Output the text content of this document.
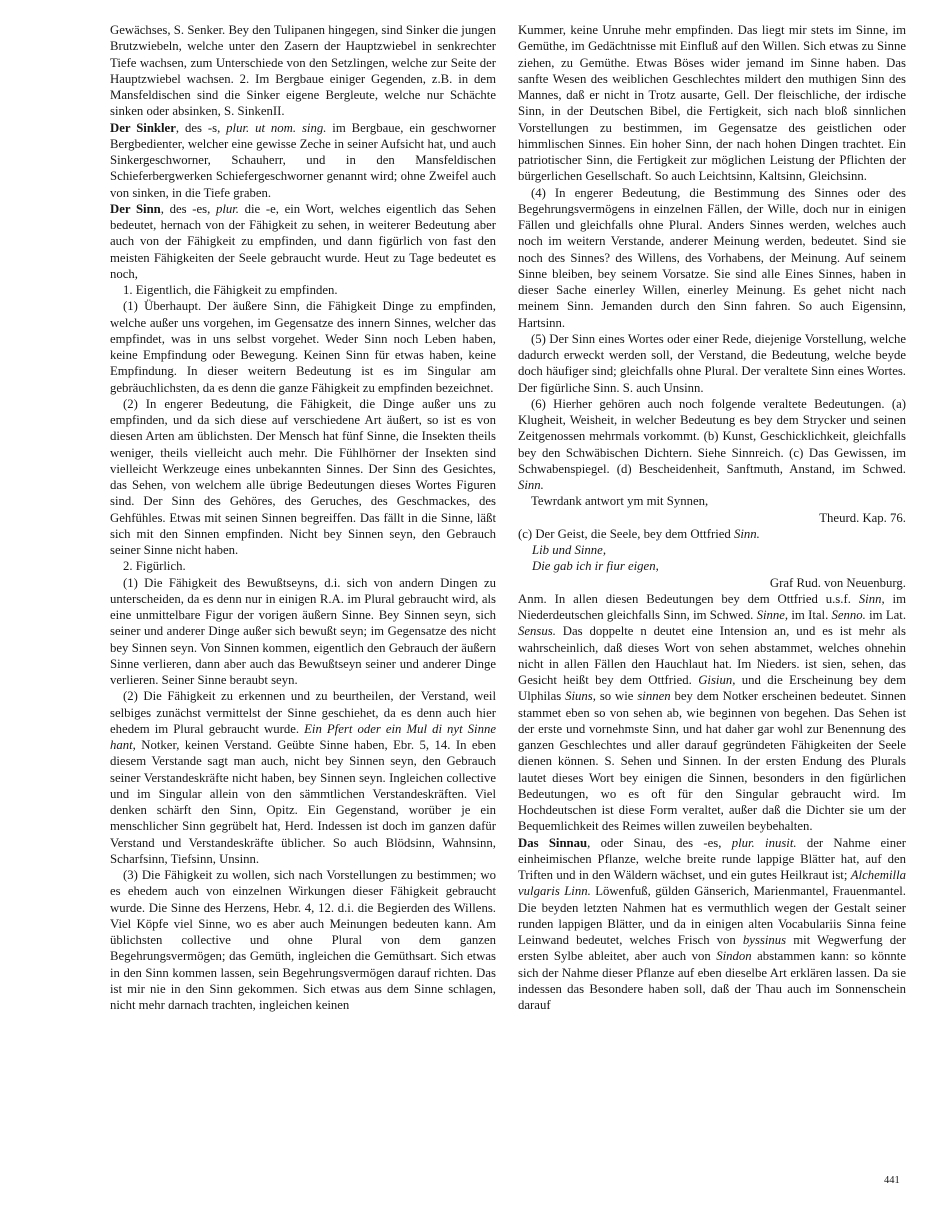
Gewächses, S. Senker. Bey den Tulipanen hingegen, sind Sinker die jungen Brutzwiebeln, welche unter den Zasern der Hauptzwiebel in senkrechter Tiefe wachsen, zum Unterschiede von den Setzlingen, welche zur Seite der Hauptzwiebel wachsen. 2. Im Bergbaue einiger Gegenden, z.B. in dem Mansfeldischen sind die Sinker eigene Bergleute, welche nur Schächte sinken oder absinken, S. SinkenII.

Der Sinkler, des -s, plur. ut nom. sing. im Bergbaue, ein geschworner Bergbedienter, welcher eine gewisse Zeche in seiner Aufsicht hat, und auch Sinkergeschworner, Schauherr, und in den Mansfeldischen Schieferbergwerken Schiefergeschworner genannt wird; ohne Zweifel auch von sinken, in die Tiefe graben.

Der Sinn, des -es, plur. die -e, ein Wort, welches eigentlich das Sehen bedeutet, hernach von der Fähigkeit zu sehen, in weiterer Bedeutung aber auch von der Fähigkeit zu empfinden, und dann figürlich von fast den meisten Fähigkeiten der Seele gebraucht wurde. Heut zu Tage bedeutet es noch,

1. Eigentlich, die Fähigkeit zu empfinden.

(1) Überhaupt. Der äußere Sinn, die Fähigkeit Dinge zu empfinden, welche außer uns vorgehen, im Gegensatze des innern Sinnes, welcher das empfindet, was in uns selbst vorgehet. Weder Sinn noch Leben haben, keine Empfindung oder Bewegung. Keinen Sinn für etwas haben, keine Empfindung. In dieser weitern Bedeutung ist es im Singular am gebräuchlichsten, da es denn die ganze Fähigkeit zu empfinden bezeichnet.

(2) In engerer Bedeutung, die Fähigkeit, die Dinge außer uns zu empfinden, und da sich diese auf verschiedene Art äußert, so ist es von diesen Arten am üblichsten. Der Mensch hat fünf Sinne, die Insekten theils weniger, theils vielleicht auch mehr. Die Fühlhörner der Insekten sind vielleicht Werkzeuge eines unbekannten Sinnes. Der Sinn des Gesichtes, das Sehen, von welchem alle übrige Bedeutungen dieses Wortes Figuren sind. Der Sinn des Gehöres, des Geruches, des Geschmackes, des Gehfühles. Etwas mit seinen Sinnen begreiffen. Das fällt in die Sinne, läßt sich mit den Sinnen empfinden. Nicht bey Sinnen seyn, den Gebrauch seiner Sinne nicht haben.

2. Figürlich.

(1) Die Fähigkeit des Bewußtseyns, d.i. sich von andern Dingen zu unterscheiden, da es denn nur in einigen R.A. im Plural gebraucht wird, als eine unmittelbare Figur der vorigen äußern Sinne. Bey Sinnen seyn, sich seiner und anderer Dinge außer sich bewußt seyn; im Gegensatze des nicht bey Sinnen seyn. Von Sinnen kommen, eigentlich den Gebrauch der äußern Sinne verlieren, dann aber auch das Bewußtseyn seiner und anderer Dinge verlieren. Seiner Sinne beraubt seyn.

(2) Die Fähigkeit zu erkennen und zu beurtheilen, der Verstand, weil selbiges zunächst vermittelst der Sinne geschiehet, da es denn auch hier ehedem im Plural gebraucht wurde. Ein Pfert oder ein Mul di nyt Sinne hant, Notker, keinen Verstand. Geübte Sinne haben, Ebr. 5, 14. In eben diesem Verstande sagt man auch, nicht bey Sinnen seyn, den Gebrauch seiner Verstandeskräfte nicht haben, bey Sinnen seyn. Ingleichen collective und im Singular allein von den sämmtlichen Verstandeskräften. Viel denken schärft den Sinn, Opitz. Ein Gegenstand, worüber je ein menschlicher Sinn gegrübelt hat, Herd. Indessen ist doch im ganzen dafür Verstand und Verstandeskräfte üblicher. So auch Blödsinn, Wahnsinn, Scharfsinn, Tiefsinn, Unsinn.

(3) Die Fähigkeit zu wollen, sich nach Vorstellungen zu bestimmen; wo es ehedem auch von einzelnen Wirkungen dieser Fähigkeit gebraucht wurde. Die Sinne des Herzens, Hebr. 4, 12. d.i. die Begierden des Willens. Viel Köpfe viel Sinne, wo es aber auch Meinungen bedeuten kann. Am üblichsten collective und ohne Plural von dem ganzen Begehrungsvermögen; das Gemüth, ingleichen die Gemüthsart. Sich etwas in den Sinn kommen lassen, sein Begehrungsvermögen darauf richten. Das ist mir nie in den Sinn gekommen. Sich etwas aus dem Sinne schlagen, nicht mehr darnach trachten, ingleichen keinen

Kummer, keine Unruhe mehr empfinden. Das liegt mir stets im Sinne, im Gemüthe, im Gedächtnisse mit Einfluß auf den Willen. Sich etwas zu Sinne ziehen, zu Gemüthe. Etwas Böses wider jemand im Sinne haben. Das sanfte Wesen des weiblichen Geschlechtes mildert den muthigen Sinn des Mannes, daß er nicht in Trotz ausarte, Gell. Der fleischliche, der irdische Sinn, in der Deutschen Bibel, die Fertigkeit, sich nach bloß sinnlichen Vorstellungen zu bestimmen, im Gegensatze des geistlichen oder himmlischen Sinnes. Ein hoher Sinn, der nach hohen Dingen trachtet. Ein patriotischer Sinn, die Fertigkeit zur möglichen Leistung der Pflichten der bürgerlichen Gesellschaft. So auch Leichtsinn, Kaltsinn, Gleichsinn.

(4) In engerer Bedeutung, die Bestimmung des Sinnes oder des Begehrungsvermögens in einzelnen Fällen, der Wille, doch nur in einigen Fällen und gleichfalls ohne Plural. Anders Sinnes werden, welches auch noch im weitern Verstande, anderer Meinung werden, bedeutet. Sind sie noch des Sinnes? des Willens, des Vorhabens, der Meinung. Auf seinem Sinne bleiben, bey seinem Vorsatze. Sie sind alle Eines Sinnes, haben in dieser Sache einerley Willen, einerley Meinung. Es gehet nicht nach meinem Sinn. Jemanden durch den Sinn fahren. So auch Eigensinn, Hartsinn.

(5) Der Sinn eines Wortes oder einer Rede, diejenige Vorstellung, welche dadurch erweckt werden soll, der Verstand, die Bedeutung, welche beyde doch häufiger sind; gleichfalls ohne Plural. Der veraltete Sinn eines Wortes. Der figürliche Sinn. S. auch Unsinn.

(6) Hierher gehören auch noch folgende veraltete Bedeutungen. (a) Klugheit, Weisheit, in welcher Bedeutung es bey dem Strycker und seinen Zeitgenossen mehrmals vorkommt. (b) Kunst, Geschicklichkeit, gleichfalls bey den Schwäbischen Dichtern. Siehe Sinnreich. (c) Das Gewissen, im Schwabenspiegel. (d) Bescheidenheit, Sanftmuth, Anstand, im Schwed. Sinn.

Tewrdank antwort ym mit Synnen,

Theurd. Kap. 76.

(c) Der Geist, die Seele, bey dem Ottfried Sinn.

Lib und Sinne,

Die gab ich ir fiur eigen,

Graf Rud. von Neuenburg.

Anm. In allen diesen Bedeutungen bey dem Ottfried u.s.f. Sinn, im Niederdeutschen gleichfalls Sinn, im Schwed. Sinne, im Ital. Senno. im Lat. Sensus. Das doppelte n deutet eine Intension an, und es ist mehr als wahrscheinlich, daß dieses Wort von sehen abstammet, welches ohnehin nicht in allen Fällen den Hauchlaut hat. Im Nieders. ist sien, sehen, das Gesicht heißt bey dem Ottfried. Gisiun, und die Erscheinung bey dem Ulphilas Siuns, so wie sinnen bey dem Notker erscheinen bedeutet. Sinnen stammet eben so von sehen ab, wie beginnen von begehen. Das Sehen ist der erste und vornehmste Sinn, und hat daher gar wohl zur Benennung des ganzen Geschlechtes und aller darauf gegründeten Fähigkeiten der Seele dienen können. S. Sehen und Sinnen. In der ersten Endung des Plurals lautet dieses Wort bey einigen die Sinnen, besonders in den figürlichen Bedeutungen, wo es oft für den Singular gebraucht wird. Im Hochdeutschen ist diese Form veraltet, außer daß die Dichter sie um der Bequemlichkeit des Reimes willen zuweilen beybehalten.

Das Sinnau, oder Sinau, des -es, plur. inusit. der Nahme einer einheimischen Pflanze, welche breite runde lappige Blätter hat, auf den Triften und in den Wäldern wächset, und ein gutes Heilkraut ist; Alchemilla vulgaris Linn. Löwenfuß, gülden Gänserich, Marienmantel, Frauenmantel. Die beyden letzten Nahmen hat es vermuthlich wegen der Gestalt seiner runden lappigen Blätter, und da in einigen alten Vocabulariis Sinna feine Leinwand bedeutet, welches Frisch von byssinus mit Wegwerfung der ersten Sylbe ableitet, aber auch von Sindon abstammen kann: so könnte sich der Nahme dieser Pflanze auf eben dieselbe Art erklären lassen. Da sie indessen das Besondere haben soll, daß der Thau auch im Sonnenschein darauf

441
